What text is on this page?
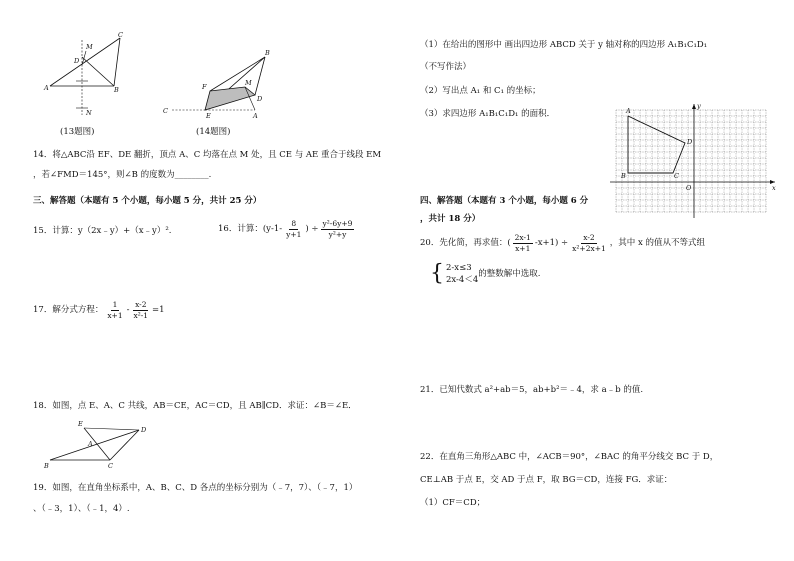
C
M
D
A	B
N
(13题图)
B
F	M
D
C
E	A
(14题图)
14．将△ABC沿 EF、DE 翻折，顶点 A、C 均落在点 M 处，且 CE 与 AE 重合于线段 EM
，若∠FMD＝145°，则∠B 的度数为________.
三、解答题（本题有 5 个小题，每小题 5 分，共计 25 分）
15．计算：y（2x﹣y）+（x﹣y）².	16．计算： ($y-1- \frac{8}{y+1}$ ) ÷ $\frac{\text{y²-6y+9}}{\text{y²+y}}$
17．解分式方程： $\frac{1}{x+1} - \frac{x-2}{\text{x²-1}} =1$
18．如图，点 E、A、C 共线，AB＝CE，AC＝CD，且 AB∥CD．求证：∠B＝∠E．
E
A
B	C
D
19．如图，在直角坐标系中，A、B、C、D 各点的坐标分别为（﹣7，7）、（﹣7，1）
、（﹣3，1）、（﹣1，4）.
（1）在给出的图形中 画出四边形 ABCD 关于 y 轴对称的四边形 A₁B₁C₁D₁
（不写作法）
（2）写出点 A₁ 和 C₁ 的坐标；
（3）求四边形 A₁B₁C₁D₁ 的面积．	A
D
B	C
O
y
x
四、解答题（本题有 3 个小题，每小题 6 分
，共计 18 分）
20．先化简，再求值：( $\frac{2x-1}{x+1} -x+1) \div \frac{x-2}{\text{x²+2x+1}}$ ，其中 x 的值从不等式组
{ 2-x≤3
2x-4＜4
的整数解中选取.
21．已知代数式 a²+ab＝5，ab+b²＝﹣4，求 a﹣b 的值.
22．在直角三角形△ABC 中，∠ACB＝90°，∠BAC 的角平分线交 BC 于 D，
CE⊥AB 于点 E，交 AD 于点 F，取 BG＝CD，连接 FG．求证：
（1）CF＝CD；
